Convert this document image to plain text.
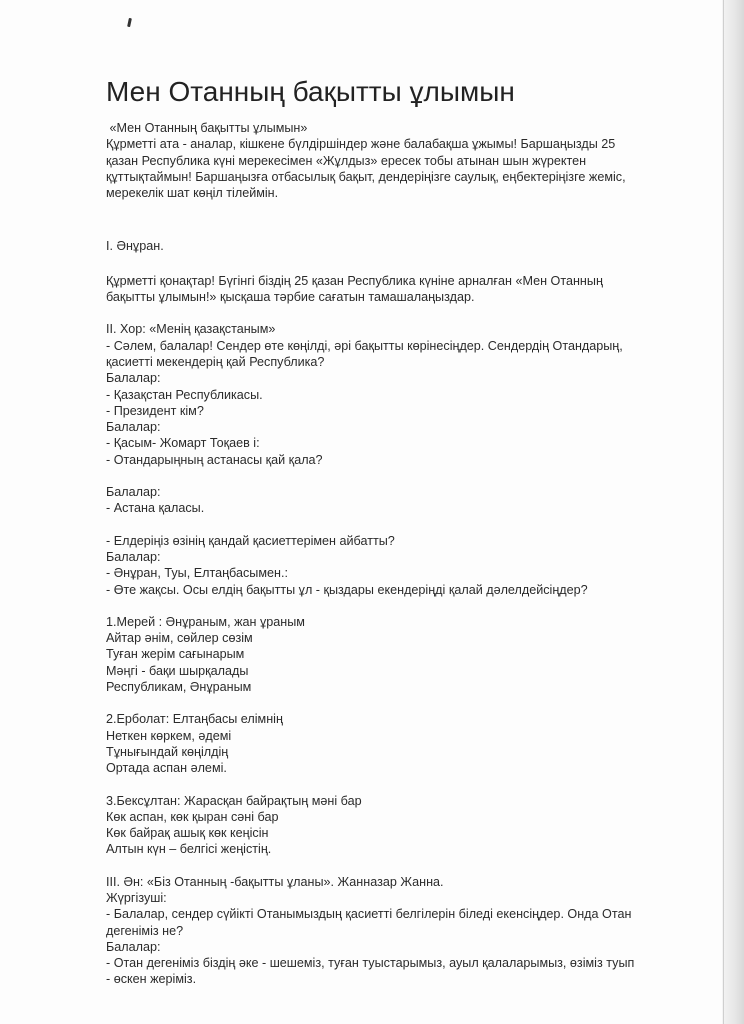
Мен Отанның бақытты ұлымын
«Мен Отанның бақытты ұлымын»
Құрметті ата - аналар, кішкене бүлдіршіндер және балабақша ұжымы! Баршаңызды 25
қазан Республика күні мерекесімен «Жұлдыз» ересек тобы атынан шын жүректен
құттықтаймын! Баршаңызға отбасылық бақыт, дендеріңізге саулық, еңбектеріңізге жеміс,
мерекелік шат көңіл тілеймін.
І. Әнұран.
Құрметті қонақтар! Бүгінгі біздің 25 қазан Республика күніне арналған «Мен Отанның
бақытты ұлымын!» қысқаша тәрбие сағатын тамашалаңыздар.
ІІ. Хор: «Менің қазақстаным»
- Сәлем, балалар! Сендер өте көңілді, әрі бақытты көрінесіңдер. Сендердің Отандарың,
қасиетті мекендерің қай Республика?
Балалар:
- Қазақстан Республикасы.
- Президент кім?
Балалар:
- Қасым- Жомарт Тоқаев і:
- Отандарыңның астанасы қай қала?
Балалар:
- Астана қаласы.
- Елдеріңіз өзінің қандай қасиеттерімен айбатты?
Балалар:
- Әнұран, Туы, Елтаңбасымен.:
- Өте жақсы. Осы елдің бақытты ұл - қыздары екендеріңді қалай дәлелдейсіңдер?
1.Мерей : Әнұраным, жан ұраным
Айтар әнім, сөйлер сөзім
Туған жерім сағынарым
Мәңгі - бақи шырқалады
Республикам, Әнұраным
2.Ерболат: Елтаңбасы елімнің
Неткен көркем, әдемі
Тұнығындай көңілдің
Ортада аспан әлемі.
3.Бексұлтан: Жарасқан байрақтың мәні бар
Көк аспан, көк қыран сәні бар
Көк байрақ ашық көк кеңісін
Алтын күн – белгісі жеңістің.
ІІІ. Ән: «Біз Отанның -бақытты ұланы». Жанназар Жанна.
Жүргізуші:
- Балалар, сендер сүйікті Отанымыздың қасиетті белгілерін біледі екенсіңдер. Онда Отан
дегеніміз не?
Балалар:
- Отан дегеніміз біздің әке - шешеміз, туған туыстарымыз, ауыл қалаларымыз, өзіміз туып
- өскен жеріміз.
